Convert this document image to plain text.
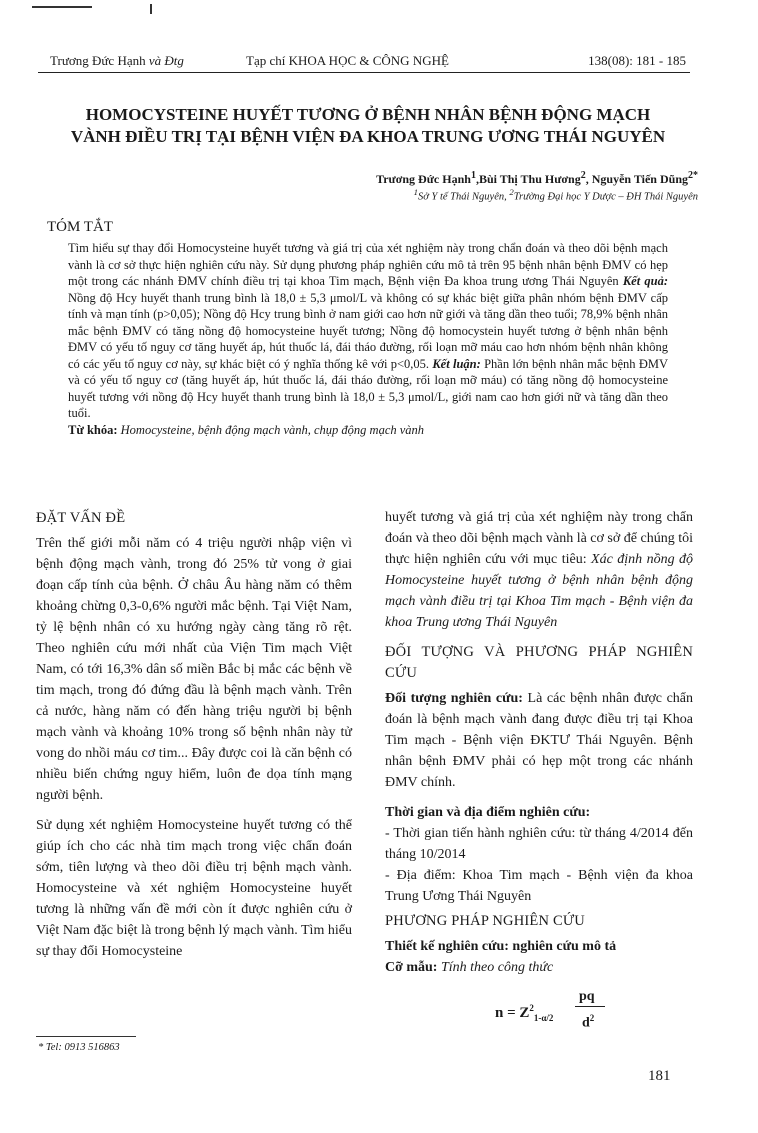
Trương Đức Hạnh và Đtg	Tạp chí KHOA HỌC & CÔNG NGHỆ	138(08): 181 - 185
HOMOCYSTEINE HUYẾT TƯƠNG Ở BỆNH NHÂN BỆNH ĐỘNG MẠCH
VÀNH ĐIỀU TRỊ TẠI BỆNH VIỆN ĐA KHOA TRUNG ƯƠNG THÁI NGUYÊN
Trương Đức Hạnh$^1$,Bùi Thị Thu Hương$^2$, Nguyễn Tiến Dũng$^{2*}$
$^1$Sở Y tế Thái Nguyên, $^2$Trường Đại học Y Dược – ĐH Thái Nguyên
TÓM TẮT
Tìm hiểu sự thay đổi Homocysteine huyết tương và giá trị của xét nghiệm này trong chẩn đoán và theo dõi bệnh mạch vành là cơ sở thực hiện nghiên cứu này. Sử dụng phương pháp nghiên cứu mô tả trên 95 bệnh nhân bệnh ĐMV có hẹp một trong các nhánh ĐMV chính điều trị tại khoa Tim mạch, Bệnh viện Đa khoa trung ương Thái Nguyên Kết quả: Nồng độ Hcy huyết thanh trung bình là 18,0 ± 5,3 μmol/L và không có sự khác biệt giữa phân nhóm bệnh ĐMV cấp tính và mạn tính (p>0,05); Nồng độ Hcy trung bình ở nam giới cao hơn nữ giới và tăng dần theo tuổi; 78,9% bệnh nhân mắc bệnh ĐMV có tăng nồng độ homocysteine huyết tương; Nồng độ homocystein huyết tương ở bệnh nhân bệnh ĐMV có yếu tố nguy cơ tăng huyết áp, hút thuốc lá, đái tháo đường, rối loạn mỡ máu cao hơn nhóm bệnh nhân không có các yếu tố nguy cơ này, sự khác biệt có ý nghĩa thống kê với p<0,05. Kết luận: Phần lớn bệnh nhân mắc bệnh ĐMV và có yếu tố nguy cơ (tăng huyết áp, hút thuốc lá, đái tháo đường, rối loạn mỡ máu) có tăng nồng độ homocysteine huyết tương với nồng độ Hcy huyết thanh trung bình là 18,0 ± 5,3 μmol/L, giới nam cao hơn giới nữ và tăng dần theo tuổi.
Từ khóa: Homocysteine, bệnh động mạch vành, chụp động mạch vành
ĐẶT VẤN ĐỀ

Trên thế giới mỗi năm có 4 triệu người nhập viện vì bệnh động mạch vành, trong đó 25% tử vong ở giai đoạn cấp tính của bệnh. Ở châu Âu hàng năm có thêm khoảng chừng 0,3-0,6% người mắc bệnh. Tại Việt Nam, tỷ lệ bệnh nhân có xu hướng ngày càng tăng rõ rệt. Theo nghiên cứu mới nhất của Viện Tim mạch Việt Nam, có tới 16,3% dân số miền Bắc bị mắc các bệnh về tim mạch, trong đó đứng đầu là bệnh mạch vành. Trên cả nước, hàng năm có đến hàng triệu người bị bệnh mạch vành và khoảng 10% trong số bệnh nhân này tử vong do nhồi máu cơ tim... Đây được coi là căn bệnh có nhiều biến chứng nguy hiểm, luôn đe dọa tính mạng người bệnh.

Sử dụng xét nghiệm Homocysteine huyết tương có thể giúp ích cho các nhà tim mạch trong việc chẩn đoán sớm, tiên lượng và theo dõi điều trị bệnh mạch vành. Homocysteine và xét nghiệm Homocysteine huyết tương là những vấn đề mới còn ít được nghiên cứu ở Việt Nam đặc biệt là trong bệnh lý mạch vành. Tìm hiểu sự thay đổi Homocysteine

huyết tương và giá trị của xét nghiệm này trong chẩn đoán và theo dõi bệnh mạch vành là cơ sở để chúng tôi thực hiện nghiên cứu với mục tiêu: Xác định nồng độ Homocysteine huyết tương ở bệnh nhân bệnh động mạch vành điều trị tại Khoa Tim mạch - Bệnh viện đa khoa Trung ương Thái Nguyên

ĐỐI TƯỢNG VÀ PHƯƠNG PHÁP NGHIÊN CỨU

Đối tượng nghiên cứu: Là các bệnh nhân được chẩn đoán là bệnh mạch vành đang được điều trị tại Khoa Tim mạch - Bệnh viện ĐKTƯ Thái Nguyên. Bệnh nhân bệnh ĐMV phải có hẹp một trong các nhánh ĐMV chính.

Thời gian và địa điểm nghiên cứu:

- Thời gian tiến hành nghiên cứu: từ tháng 4/2014 đến tháng 10/2014

- Địa điểm: Khoa Tim mạch - Bệnh viện đa khoa Trung Ương Thái Nguyên

PHƯƠNG PHÁP NGHIÊN CỨU

Thiết kế nghiên cứu: nghiên cứu mô tả

Cỡ mẫu: Tính theo công thức

$n = Z^2_{1-\alpha/2}$
pq
$d^2$
* Tel: 0913 516863
181
